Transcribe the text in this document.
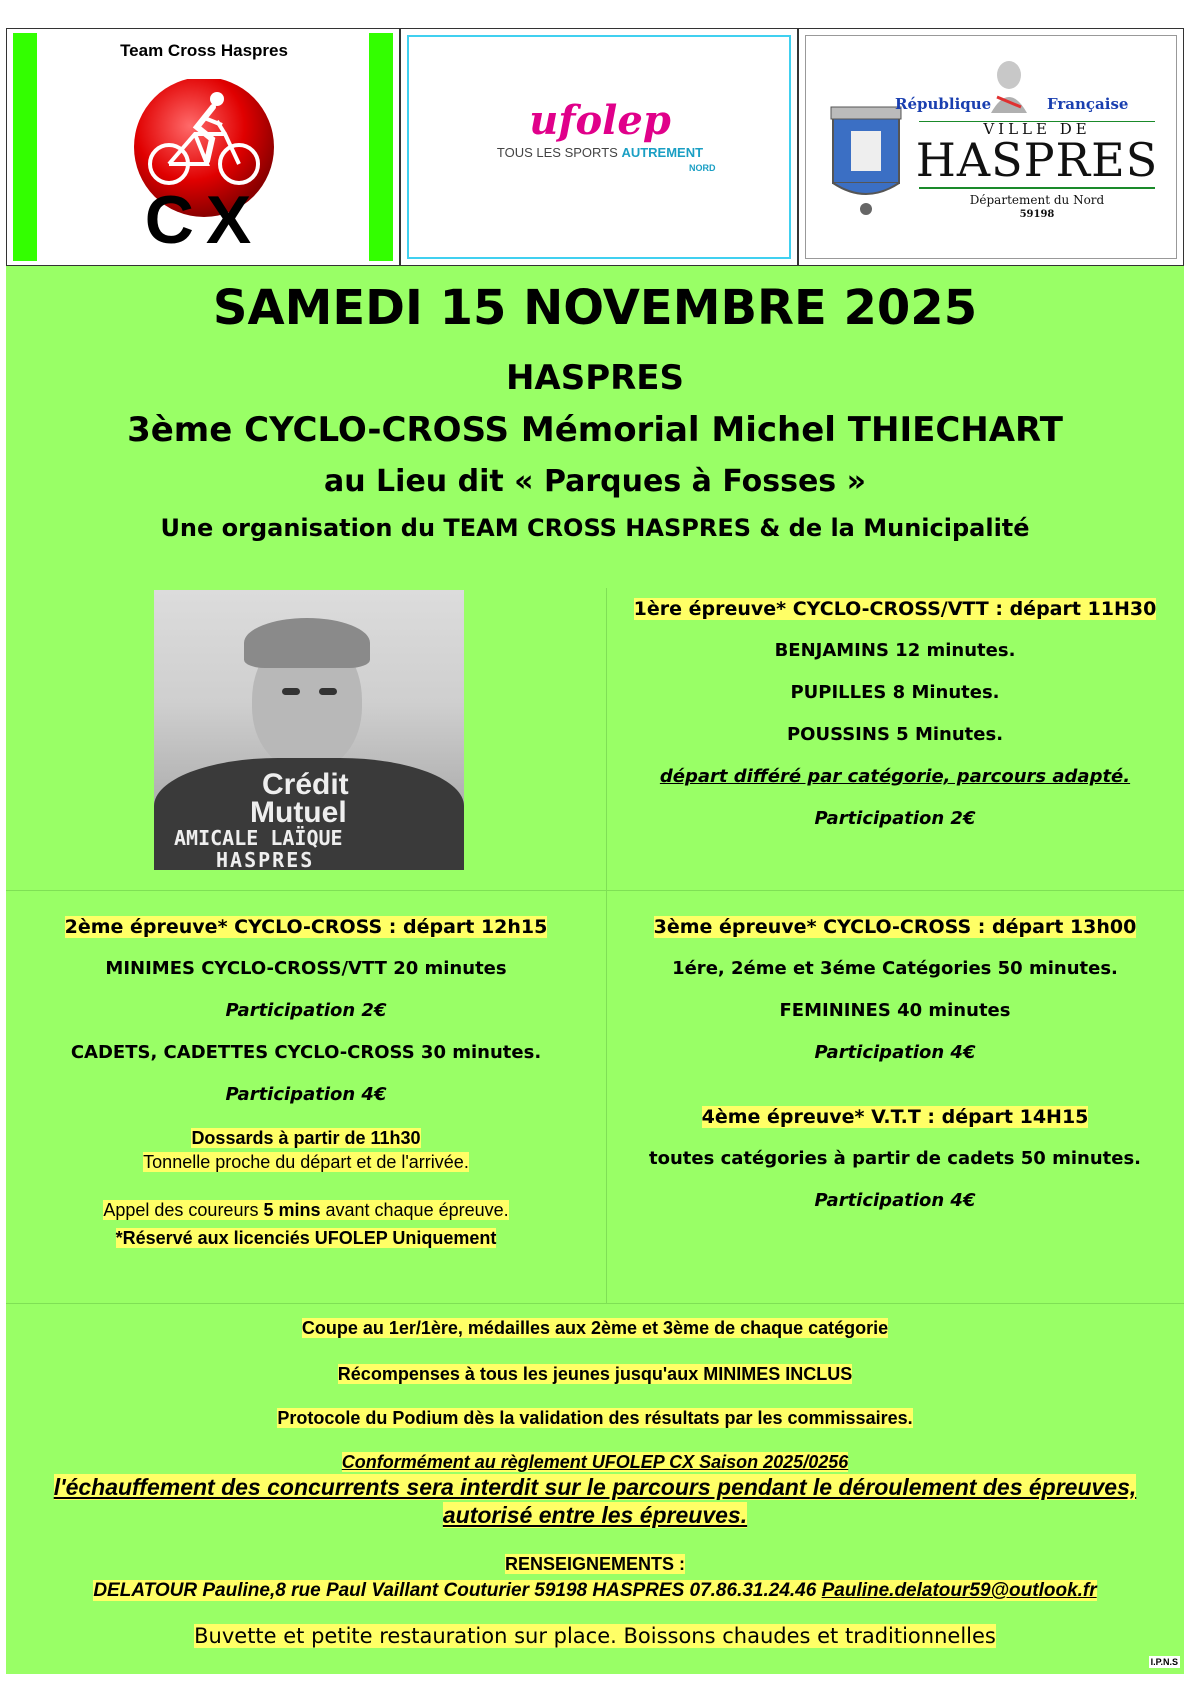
Team Cross Haspres
CX
ufolep
TOUS LES SPORTS AUTREMENT
NORD
République	Française
VILLE DE
HASPRES
Département du Nord
59198
SAMEDI 15 NOVEMBRE 2025
HASPRES
3ème CYCLO-CROSS Mémorial Michel THIECHART
au Lieu dit « Parques à Fosses »
Une organisation du TEAM CROSS HASPRES & de la Municipalité
Crédit
Mutuel
AMICALE LAÏQUE
HASPRES
1ère épreuve* CYCLO-CROSS/VTT : départ 11H30
BENJAMINS 12 minutes.
PUPILLES 8 Minutes.
POUSSINS 5 Minutes.
départ différé par catégorie, parcours adapté.
Participation 2€
2ème épreuve* CYCLO-CROSS : départ 12h15
MINIMES CYCLO-CROSS/VTT 20 minutes
Participation 2€
CADETS, CADETTES CYCLO-CROSS 30 minutes.
Participation 4€
Dossards à partir de 11h30
Tonnelle proche du départ et de l'arrivée.
Appel des coureurs 5 mins avant chaque épreuve.
*Réservé aux licenciés UFOLEP Uniquement
3ème épreuve* CYCLO-CROSS : départ 13h00
1ére, 2éme et 3éme Catégories 50 minutes.
FEMININES 40 minutes
Participation 4€
4ème épreuve* V.T.T : départ 14H15
toutes catégories à partir de cadets 50 minutes.
Participation 4€
Coupe au 1er/1ère, médailles aux 2ème et 3ème de chaque catégorie
Récompenses à tous les jeunes jusqu'aux MINIMES INCLUS
Protocole du Podium dès la validation des résultats par les commissaires.
Conformément au règlement UFOLEP CX Saison 2025/0256
l'échauffement des concurrents sera interdit sur le parcours pendant le déroulement des épreuves,
autorisé entre les épreuves.
RENSEIGNEMENTS :
DELATOUR Pauline,8 rue Paul Vaillant Couturier 59198 HASPRES 07.86.31.24.46 Pauline.delatour59@outlook.fr
Buvette et petite restauration sur place. Boissons chaudes et traditionnelles
I.P.N.S
